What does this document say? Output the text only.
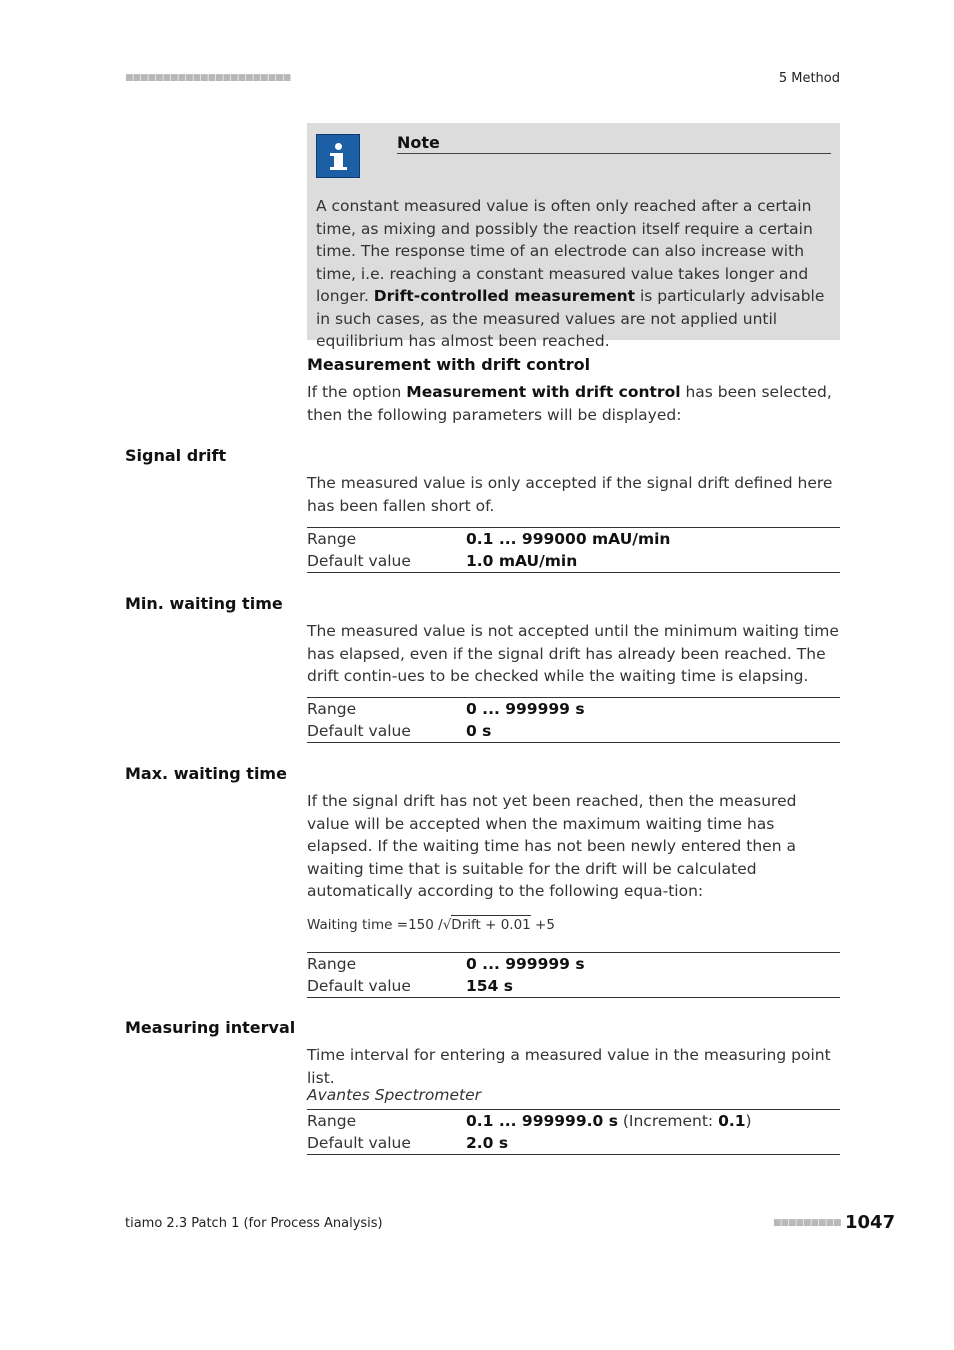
■■■■■■■■■■■■■■■■■■■■■■	5 Method
Note
A constant measured value is often only reached after a certain time, as mixing and possibly the reaction itself require a certain time. The response time of an electrode can also increase with time, i.e. reaching a constant measured value takes longer and longer. Drift-controlled measurement is particularly advisable in such cases, as the measured values are not applied until equilibrium has almost been reached.
Measurement with drift control
If the option Measurement with drift control has been selected, then the following parameters will be displayed:
Signal drift
The measured value is only accepted if the signal drift defined here has been fallen short of.
Range	0.1 ... 999000 mAU/min
Default value	1.0 mAU/min
Min. waiting time
The measured value is not accepted until the minimum waiting time has elapsed, even if the signal drift has already been reached. The drift contin-ues to be checked while the waiting time is elapsing.
Range	0 ... 999999 s
Default value	0 s
Max. waiting time
If the signal drift has not yet been reached, then the measured value will be accepted when the maximum waiting time has elapsed. If the waiting time has not been newly entered then a waiting time that is suitable for the drift will be calculated automatically according to the following equa-tion:
Waiting time =150 /√Drift + 0.01 +5
Range	0 ... 999999 s
Default value	154 s
Measuring interval
Time interval for entering a measured value in the measuring point list.
Avantes Spectrometer
Range	0.1 ... 999999.0 s (Increment: 0.1)
Default value	2.0 s
tiamo 2.3 Patch 1 (for Process Analysis)	■■■■■■■■■ 1047
